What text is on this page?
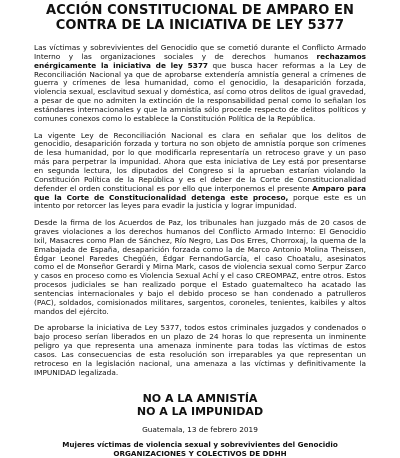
ACCIÓN CONSTITUCIONAL DE AMPARO EN
CONTRA DE LA INICIATIVA DE LEY 5377

Las víctimas y sobrevivientes del Genocidio que se cometió durante el Conflicto Armado Interno y las organizaciones sociales y de derechos humanos rechazamos enérgicamente la iniciativa de ley 5377 que busca hacer reformas a la Ley de Reconciliación Nacional ya que de aprobarse extendería amnistía general a crímenes de guerra y crímenes de lesa humanidad, como el genocidio, la desaparición forzada, violencia sexual, esclavitud sexual y doméstica, así como otros delitos de igual gravedad, a pesar de que no admiten la extinción de la responsabilidad penal como lo señalan los estándares internacionales y que la amnistía sólo procede respecto de delitos políticos y comunes conexos como lo establece la Constitución Política de la República.

La vigente Ley de Reconciliación Nacional es clara en señalar que los delitos de genocidio, desaparición forzada y tortura no son objeto de amnistía porque son crímenes de lesa humanidad, por lo que modificarla representaría un retroceso grave y un paso más para perpetrar la impunidad. Ahora que esta iniciativa de Ley está por presentarse en segunda lectura, los diputados del Congreso si la aprueban estarían violando la Constitución Política de la República y es el deber de la Corte de Constitucionalidad defender el orden constitucional es por ello que interponemos el presente Amparo para que la Corte de Constitucionalidad detenga este proceso, porque este es un intento por retorcer las leyes para evadir la justicia y lograr impunidad.

Desde la firma de los Acuerdos de Paz, los tribunales han juzgado más de 20 casos de graves violaciones a los derechos humanos del Conflicto Armado Interno: El Genocidio Ixil, Masacres como Plan de Sánchez, Río Negro, Las Dos Erres, Chorroxaj, la quema de la Emabajada de España, desaparición forzada como la de Marco Antonio Molina Theissen, Édgar Leonel Paredes Chegüén, Édgar FernandoGarcía, el caso Choatalu, asesinatos como el de Monseñor Gerardi y Mirna Mark, casos de violencia sexual como Serpur Zarco y casos en proceso como es Violencia Sexual Achí y el caso CREOMPAZ, entre otros. Estos procesos judiciales se han realizado porque el Estado guatemalteco ha acatado las sentencias internacionales y bajo el debido proceso se han condenado a patrulleros (PAC), soldados, comisionados militares, sargentos, coroneles, tenientes, kaibiles y altos mandos del ejército.

De aprobarse la iniciativa de Ley 5377, todos estos criminales juzgados y condenados o bajo proceso serían liberados en un plazo de 24 horas lo que representa un inminente peligro ya que representa una amenaza inminente para todas las víctimas de estos casos. Las consecuencias de esta resolución son irreparables ya que representan un retroceso en la legislación nacional, una amenaza a las víctimas y definitivamente la IMPUNIDAD legalizada.

NO A LA AMNISTÍA
NO A LA IMPUNIDAD
Guatemala, 13 de febrero 2019
Mujeres víctimas de violencia sexual y sobrevivientes del Genocidio
ORGANIZACIONES Y COLECTIVOS DE DDHH
